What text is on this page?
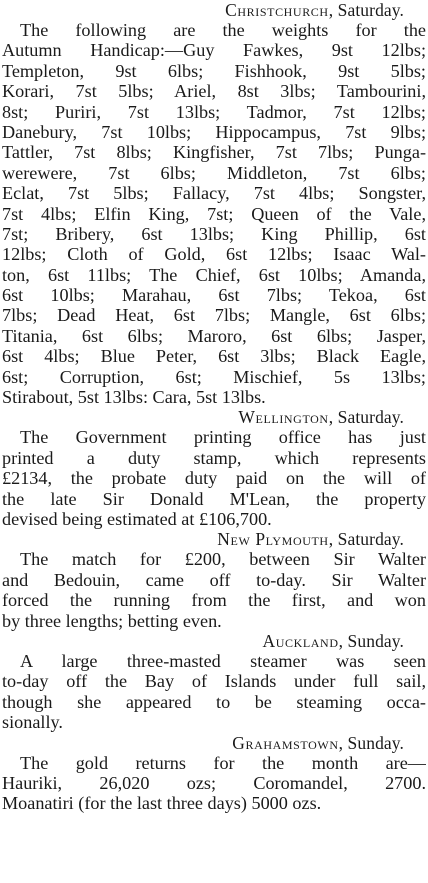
Christchurch, Saturday.
The following are the weights for the
Autumn Handicap:—Guy Fawkes, 9st 12lbs;
Templeton, 9st 6lbs; Fishhook, 9st 5lbs;
Korari, 7st 5lbs; Ariel, 8st 3lbs; Tambourini,
8st; Puriri, 7st 13lbs; Tadmor, 7st 12lbs;
Danebury, 7st 10lbs; Hippocampus, 7st 9lbs;
Tattler, 7st 8lbs; Kingfisher, 7st 7lbs; Punga-
werewere, 7st 6lbs; Middleton, 7st 6lbs;
Eclat, 7st 5lbs; Fallacy, 7st 4lbs; Songster,
7st 4lbs; Elfin King, 7st; Queen of the Vale,
7st; Bribery, 6st 13lbs; King Phillip, 6st
12lbs; Cloth of Gold, 6st 12lbs; Isaac Wal-
ton, 6st 11lbs; The Chief, 6st 10lbs; Amanda,
6st 10lbs; Marahau, 6st 7lbs; Tekoa, 6st
7lbs; Dead Heat, 6st 7lbs; Mangle, 6st 6lbs;
Titania, 6st 6lbs; Maroro, 6st 6lbs; Jasper,
6st 4lbs; Blue Peter, 6st 3lbs; Black Eagle,
6st; Corruption, 6st; Mischief, 5s 13lbs;
Stirabout, 5st 13lbs: Cara, 5st 13lbs.
Wellington, Saturday.
The Government printing office has just
printed a duty stamp, which represents
£2134, the probate duty paid on the will of
the late Sir Donald M'Lean, the property
devised being estimated at £106,700.
New Plymouth, Saturday.
The match for £200, between Sir Walter
and Bedouin, came off to-day. Sir Walter
forced the running from the first, and won
by three lengths; betting even.
Auckland, Sunday.
A large three-masted steamer was seen
to-day off the Bay of Islands under full sail,
though she appeared to be steaming occa-
sionally.
Grahamstown, Sunday.
The gold returns for the month are—
Hauriki, 26,020 ozs; Coromandel, 2700.
Moanatiri (for the last three days) 5000 ozs.
